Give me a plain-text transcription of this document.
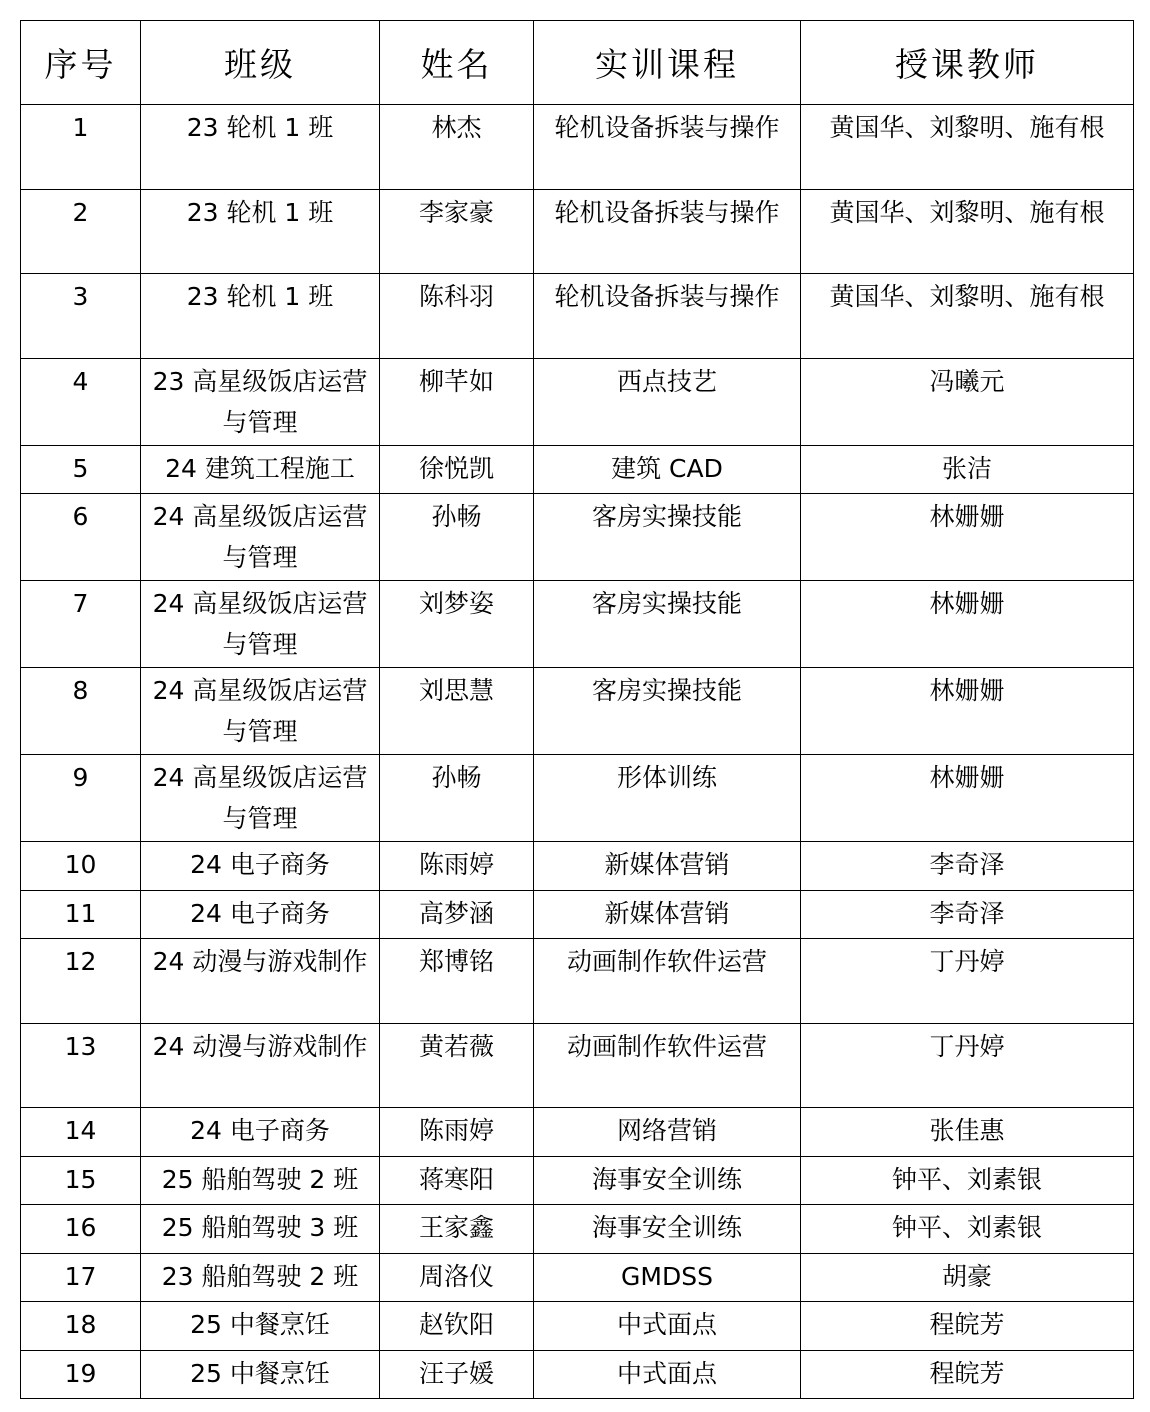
序号	班级	姓名	实训课程	授课教师
1	23 轮机 1 班	林杰	轮机设备拆装与操作	黄国华、刘黎明、施有根
2	23 轮机 1 班	李家豪	轮机设备拆装与操作	黄国华、刘黎明、施有根
3	23 轮机 1 班	陈科羽	轮机设备拆装与操作	黄国华、刘黎明、施有根
4	23 高星级饭店运营与管理	柳芊如	西点技艺	冯曦元
5	24 建筑工程施工	徐悦凯	建筑 CAD	张洁
6	24 高星级饭店运营与管理	孙畅	客房实操技能	林姗姗
7	24 高星级饭店运营与管理	刘梦姿	客房实操技能	林姗姗
8	24 高星级饭店运营与管理	刘思慧	客房实操技能	林姗姗
9	24 高星级饭店运营与管理	孙畅	形体训练	林姗姗
10	24 电子商务	陈雨婷	新媒体营销	李奇泽
11	24 电子商务	高梦涵	新媒体营销	李奇泽
12	24 动漫与游戏制作	郑博铭	动画制作软件运营	丁丹婷
13	24 动漫与游戏制作	黄若薇	动画制作软件运营	丁丹婷
14	24 电子商务	陈雨婷	网络营销	张佳惠
15	25 船舶驾驶 2 班	蒋寒阳	海事安全训练	钟平、刘素银
16	25 船舶驾驶 3 班	王家鑫	海事安全训练	钟平、刘素银
17	23 船舶驾驶 2 班	周洛仪	GMDSS	胡豪
18	25 中餐烹饪	赵钦阳	中式面点	程皖芳
19	25 中餐烹饪	汪子媛	中式面点	程皖芳
